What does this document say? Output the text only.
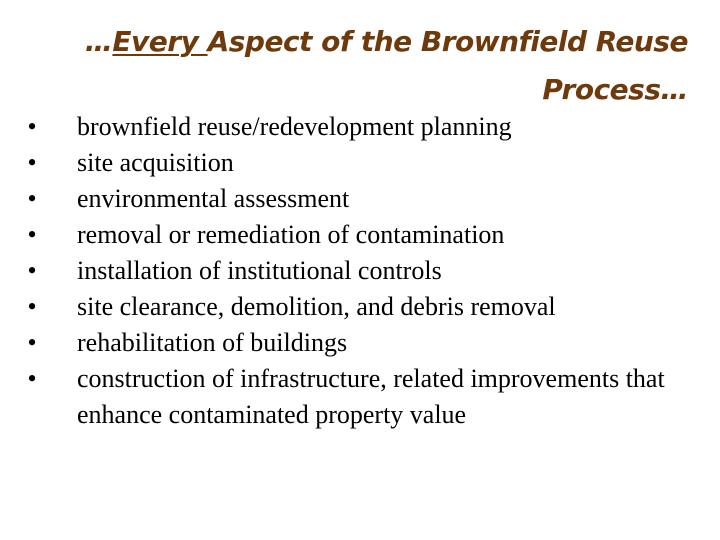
…Every Aspect of the Brownfield Reuse
Process…
• brownfield reuse/redevelopment planning
• site acquisition
• environmental assessment
• removal or remediation of contamination
• installation of institutional controls
• site clearance, demolition, and debris removal
• rehabilitation of buildings
• construction of infrastructure, related improvements that enhance contaminated property value
